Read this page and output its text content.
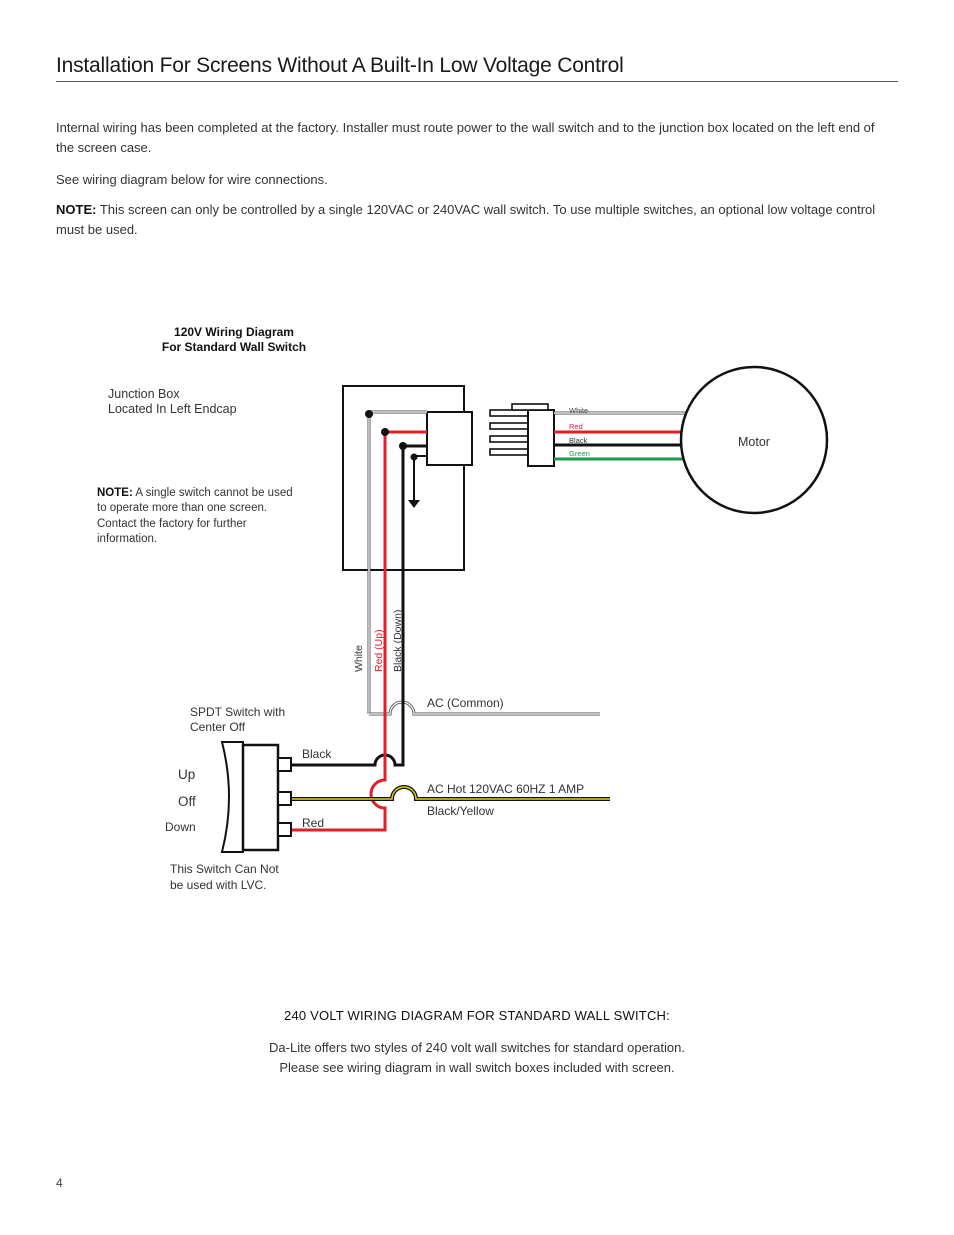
Installation For Screens Without A Built-In Low Voltage Control

Internal wiring has been completed at the factory. Installer must route power to the wall switch and to the junction box located on the left end of the screen case.

See wiring diagram below for wire connections.

NOTE: This screen can only be controlled by a single 120VAC or 240VAC wall switch. To use multiple switches, an optional low voltage control must be used.

120V Wiring Diagram
For Standard Wall Switch
Junction Box
Located In Left Endcap
NOTE: A single switch cannot be used
to operate more than one screen.
Contact the factory for further
information.
White
Red
Black
Green
Motor
White Red (Up) Black (Down)
AC (Common)
AC Hot 120VAC 60HZ 1 AMP
Black/Yellow
Black
Red
SPDT Switch with
Center Off
Up
Off
Down
This Switch Can Not
be used with LVC.

240 VOLT WIRING DIAGRAM FOR STANDARD WALL SWITCH:

Da-Lite offers two styles of 240 volt wall switches for standard operation.
Please see wiring diagram in wall switch boxes included with screen.

4
